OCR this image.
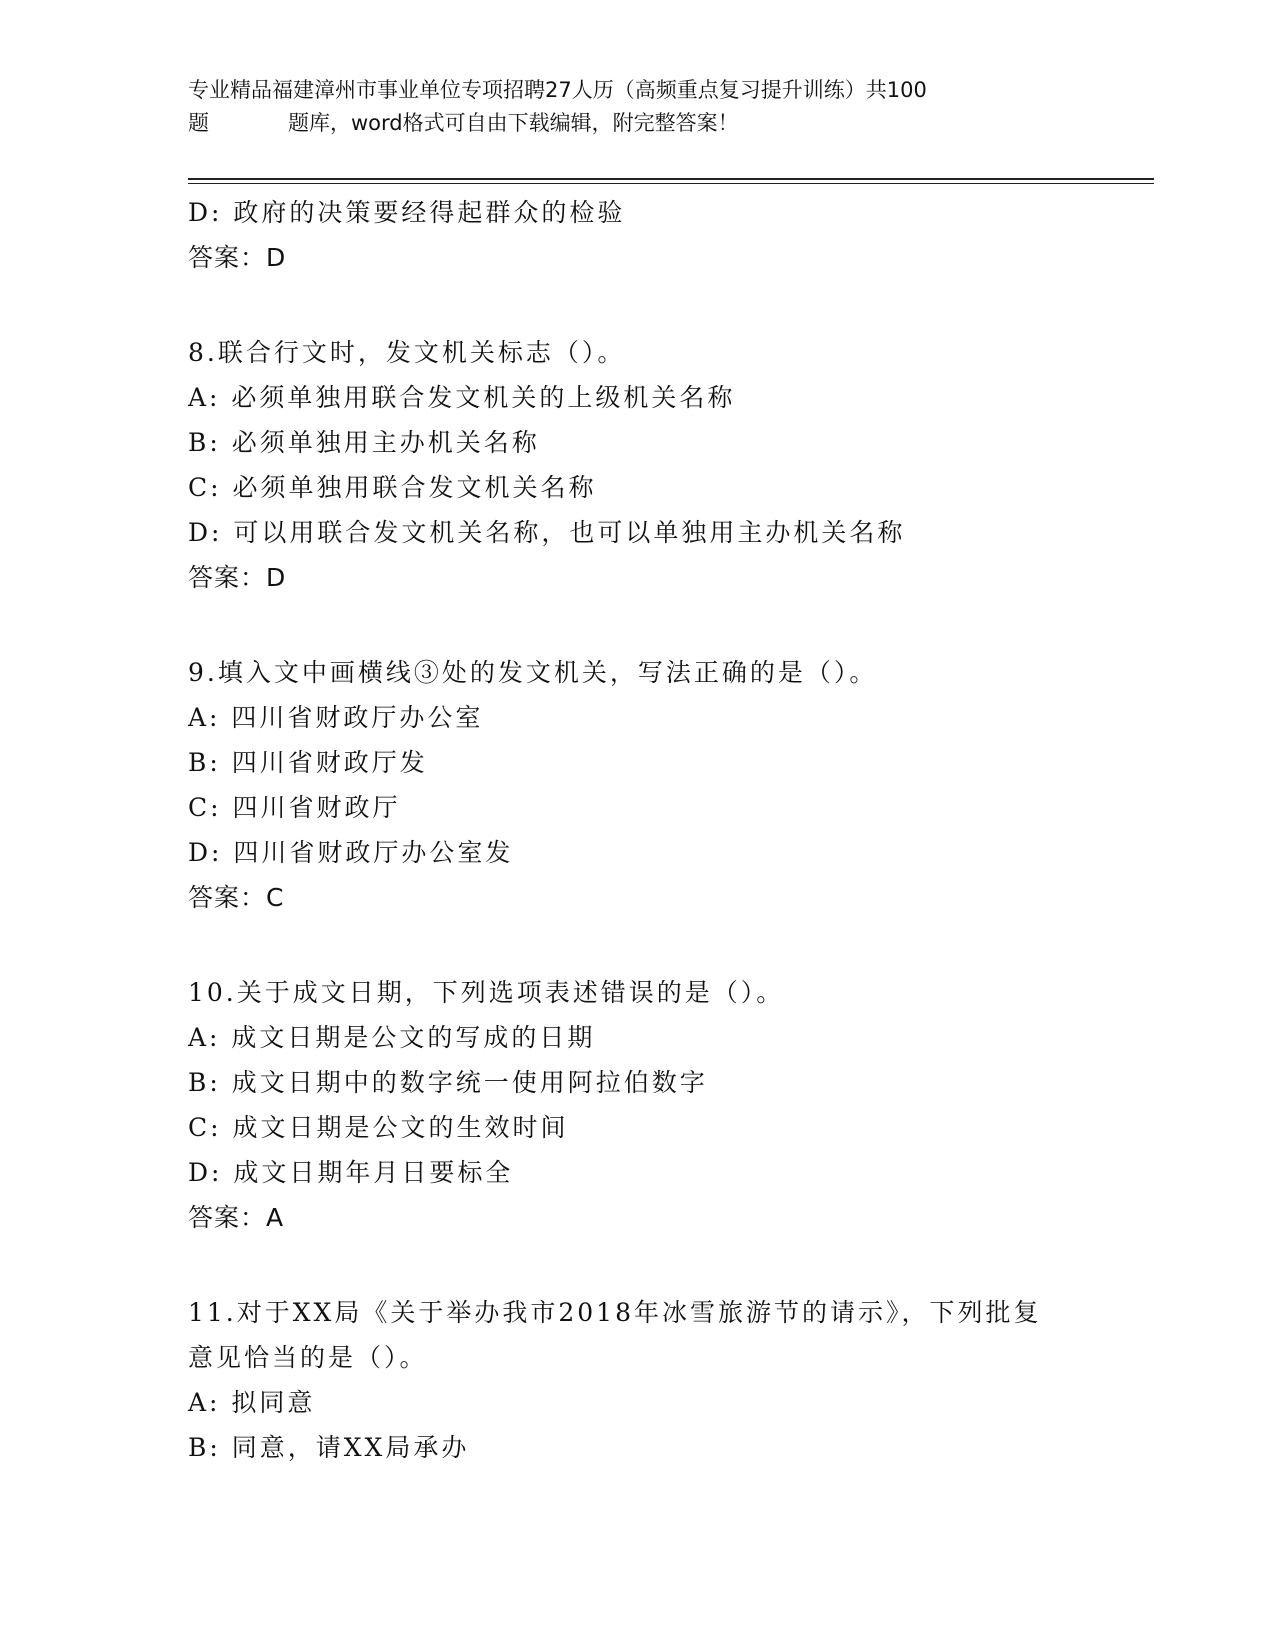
专业精品福建漳州市事业单位专项招聘27人历（高频重点复习提升训练）共100
题	题库，word格式可自由下载编辑，附完整答案！
D: 政府的决策要经得起群众的检验
答案：D
8.联合行文时，发文机关标志（）。
A: 必须单独用联合发文机关的上级机关名称
B: 必须单独用主办机关名称
C: 必须单独用联合发文机关名称
D: 可以用联合发文机关名称，也可以单独用主办机关名称
答案：D
9.填入文中画横线③处的发文机关，写法正确的是（）。
A: 四川省财政厅办公室
B: 四川省财政厅发
C: 四川省财政厅
D: 四川省财政厅办公室发
答案：C
10.关于成文日期，下列选项表述错误的是（）。
A: 成文日期是公文的写成的日期
B: 成文日期中的数字统一使用阿拉伯数字
C: 成文日期是公文的生效时间
D: 成文日期年月日要标全
答案：A
11.对于XX局《关于举办我市2018年冰雪旅游节的请示》，下列批复
意见恰当的是（）。
A: 拟同意
B: 同意，请XX局承办
